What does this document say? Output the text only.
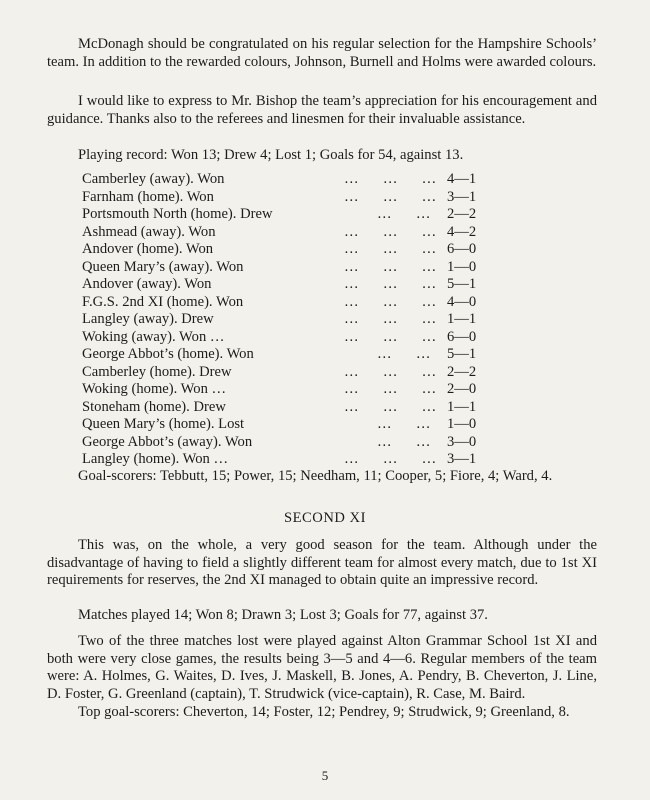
McDonagh should be congratulated on his regular selection for the Hampshire Schools’ team. In addition to the rewarded colours, Johnson, Burnell and Holms were awarded colours.
I would like to express to Mr. Bishop the team’s appreciation for his encouragement and guidance. Thanks also to the referees and linesmen for their invaluable assistance.
Playing record: Won 13; Drew 4; Lost 1; Goals for 54, against 13.
Camberley (away). Won	…     …     … 4—1
Farnham (home). Won	…     …     … 3—1
Portsmouth North (home). Drew	…     … 2—2
Ashmead (away). Won	…     …     … 4—2
Andover (home). Won	…     …     … 6—0
Queen Mary’s (away). Won	…     …     … 1—0
Andover (away). Won	…     …     … 5—1
F.G.S. 2nd XI (home). Won	…     …     … 4—0
Langley (away). Drew	…     …     … 1—1
Woking (away). Won …	…     …     … 6—0
George Abbot’s (home). Won	…     … 5—1
Camberley (home). Drew	…     …     … 2—2
Woking (home). Won …	…     …     … 2—0
Stoneham (home). Drew	…     …     … 1—1
Queen Mary’s (home). Lost	…     … 1—0
George Abbot’s (away). Won	…     … 3—0
Langley (home). Won …	…     …     … 3—1
Goal-scorers: Tebbutt, 15; Power, 15; Needham, 11; Cooper, 5; Fiore, 4; Ward, 4.
SECOND XI
This was, on the whole, a very good season for the team. Although under the disadvantage of having to field a slightly different team for almost every match, due to 1st XI requirements for reserves, the 2nd XI managed to obtain quite an impressive record.
Matches played 14; Won 8; Drawn 3; Lost 3; Goals for 77, against 37.
Two of the three matches lost were played against Alton Grammar School 1st XI and both were very close games, the results being 3—5 and 4—6. Regular members of the team were: A. Holmes, G. Waites, D. Ives, J. Maskell, B. Jones, A. Pendry, B. Cheverton, J. Line, D. Foster, G. Greenland (captain), T. Strudwick (vice-captain), R. Case, M. Baird.
Top goal-scorers: Cheverton, 14; Foster, 12; Pendrey, 9; Strudwick, 9; Greenland, 8.
5
